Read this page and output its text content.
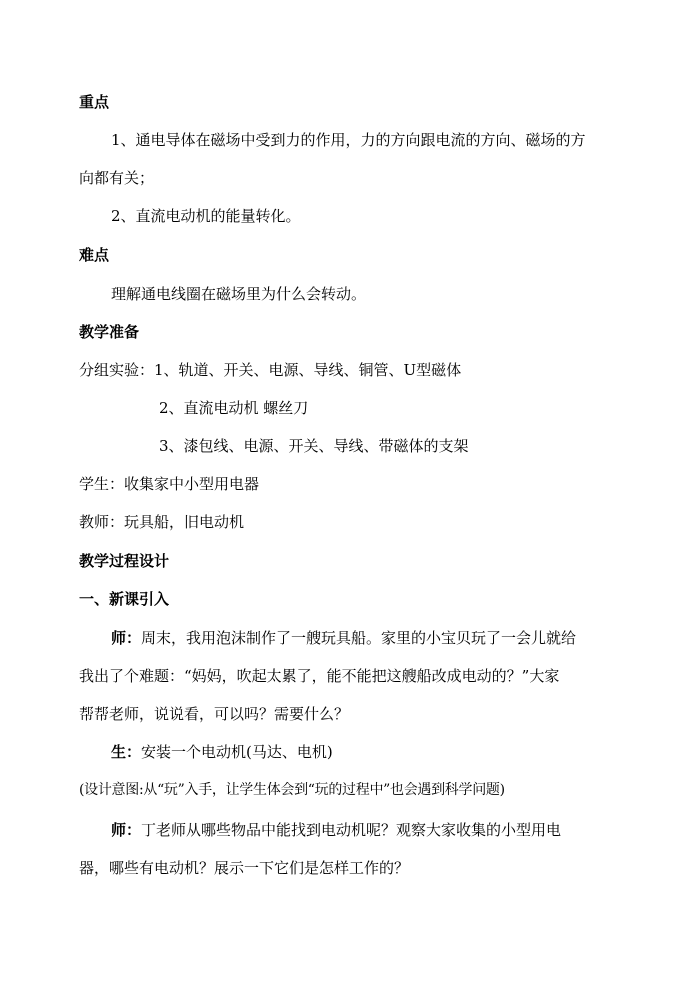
重点
1、通电导体在磁场中受到力的作用，力的方向跟电流的方向、磁场的方
向都有关；
2、直流电动机的能量转化。
难点
理解通电线圈在磁场里为什么会转动。
教学准备
分组实验：1、轨道、开关、电源、导线、铜管、U型磁体
2、直流电动机 螺丝刀
3、漆包线、电源、开关、导线、带磁体的支架
学生：收集家中小型用电器
教师：玩具船，旧电动机
教学过程设计
一、新课引入
师：周末，我用泡沫制作了一艘玩具船。家里的小宝贝玩了一会儿就给
我出了个难题：“妈妈，吹起太累了，能不能把这艘船改成电动的？”大家
帮帮老师，说说看，可以吗？需要什么？
生：安装一个电动机(马达、电机)
(设计意图:从“玩”入手，让学生体会到“玩的过程中”也会遇到科学问题)
师：丁老师从哪些物品中能找到电动机呢？观察大家收集的小型用电
器，哪些有电动机？展示一下它们是怎样工作的？
